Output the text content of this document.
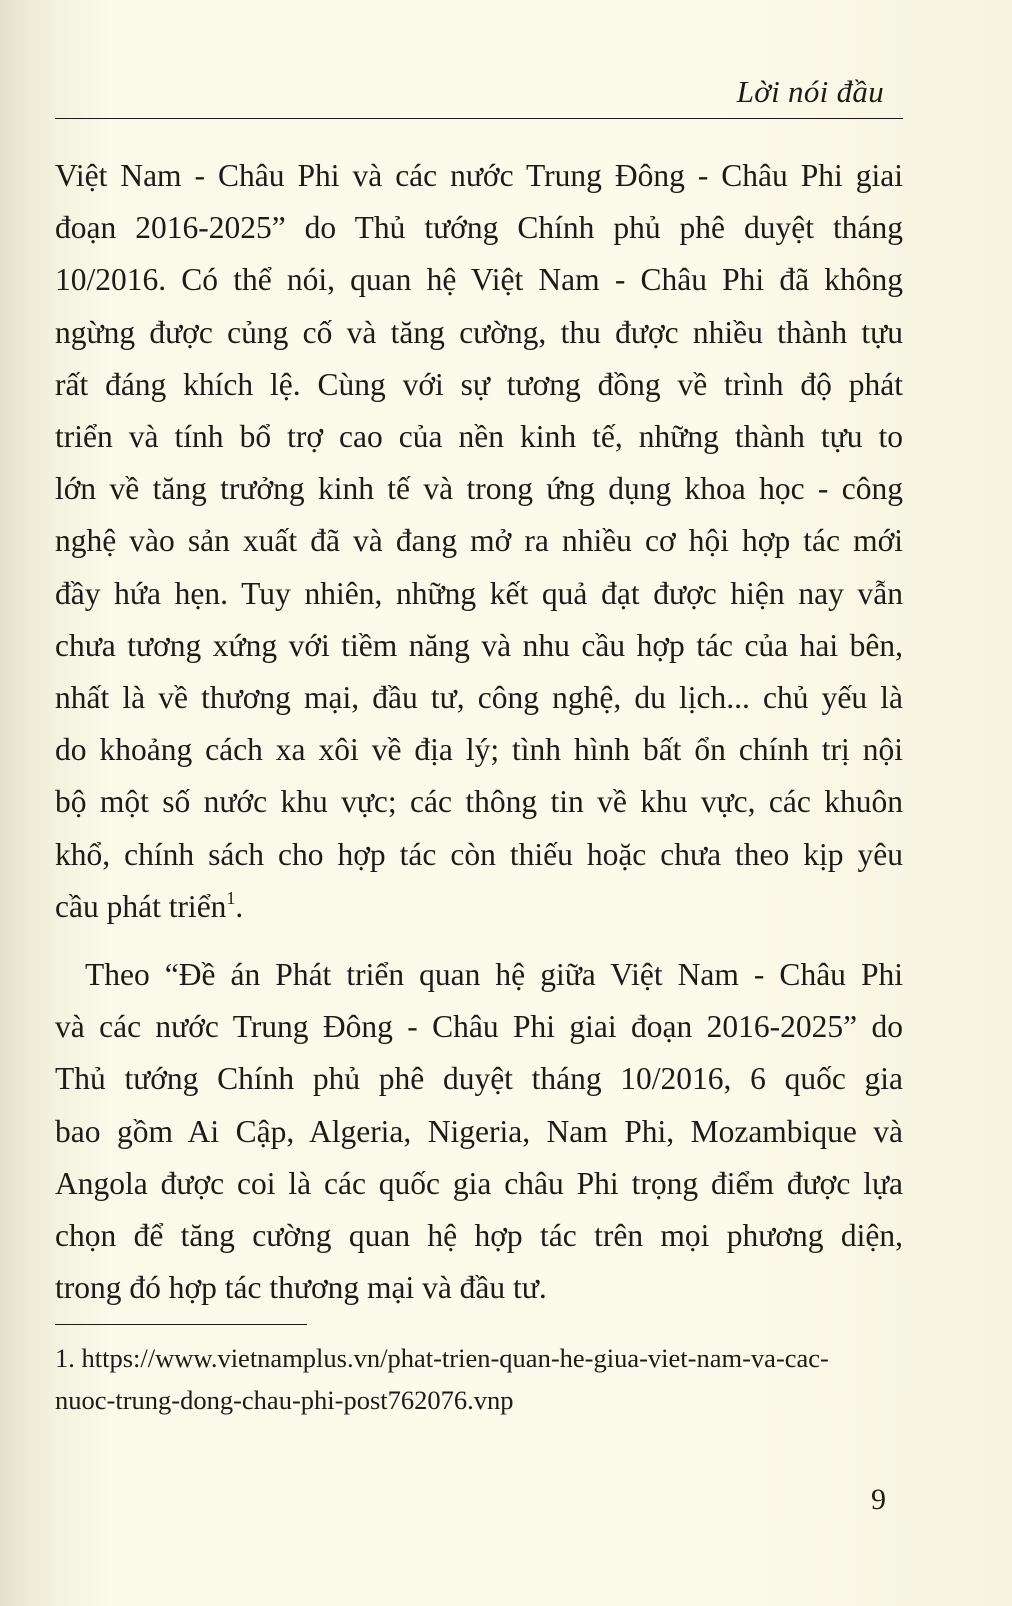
Lời nói đầu

Việt Nam - Châu Phi và các nước Trung Đông - Châu Phi giai
đoạn 2016-2025” do Thủ tướng Chính phủ phê duyệt tháng
10/2016. Có thể nói, quan hệ Việt Nam - Châu Phi đã không
ngừng được củng cố và tăng cường, thu được nhiều thành tựu
rất đáng khích lệ. Cùng với sự tương đồng về trình độ phát
triển và tính bổ trợ cao của nền kinh tế, những thành tựu to
lớn về tăng trưởng kinh tế và trong ứng dụng khoa học - công
nghệ vào sản xuất đã và đang mở ra nhiều cơ hội hợp tác mới
đầy hứa hẹn. Tuy nhiên, những kết quả đạt được hiện nay vẫn
chưa tương xứng với tiềm năng và nhu cầu hợp tác của hai bên,
nhất là về thương mại, đầu tư, công nghệ, du lịch... chủ yếu là
do khoảng cách xa xôi về địa lý; tình hình bất ổn chính trị nội
bộ một số nước khu vực; các thông tin về khu vực, các khuôn
khổ, chính sách cho hợp tác còn thiếu hoặc chưa theo kịp yêu
cầu phát triển$^1$.

Theo “Đề án Phát triển quan hệ giữa Việt Nam - Châu Phi
và các nước Trung Đông - Châu Phi giai đoạn 2016-2025” do
Thủ tướng Chính phủ phê duyệt tháng 10/2016, 6 quốc gia
bao gồm Ai Cập, Algeria, Nigeria, Nam Phi, Mozambique và
Angola được coi là các quốc gia châu Phi trọng điểm được lựa
chọn để tăng cường quan hệ hợp tác trên mọi phương diện,
trong đó hợp tác thương mại và đầu tư.

1. https://www.vietnamplus.vn/phat-trien-quan-he-giua-viet-nam-va-cac-
nuoc-trung-dong-chau-phi-post762076.vnp
9
